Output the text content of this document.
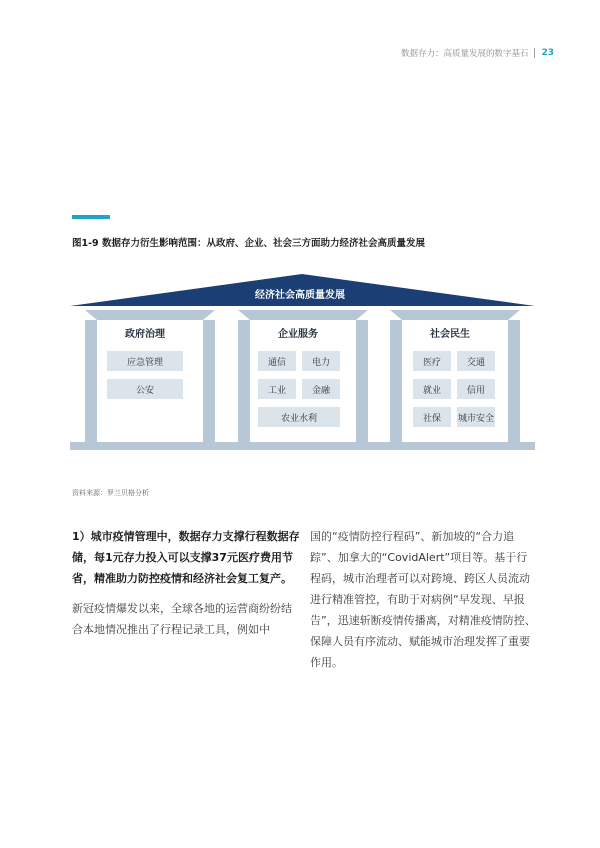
数据存力：高质量发展的数字基石 23
图1-9 数据存力衍生影响范围：从政府、企业、社会三方面助力经济社会高质量发展
经济社会高质量发展
政府治理	企业服务	社会民生
应急管理
公安
通信	电力
工业	金融
农业水利
医疗	交通
就业	信用
社保	城市安全
资料来源：罗兰贝格分析

1）城市疫情管理中，数据存力支撑行程数据存储，每1元存力投入可以支撑37元医疗费用节省，精准助力防控疫情和经济社会复工复产。

新冠疫情爆发以来，全球各地的运营商纷纷结合本地情况推出了行程记录工具，例如中

国的“疫情防控行程码”、新加坡的“合力追踪”、加拿大的“CovidAlert”项目等。基于行程码，城市治理者可以对跨境、跨区人员流动进行精准管控，有助于对病例“早发现、早报告”，迅速斩断疫情传播离，对精准疫情防控、保障人员有序流动、赋能城市治理发挥了重要作用。
